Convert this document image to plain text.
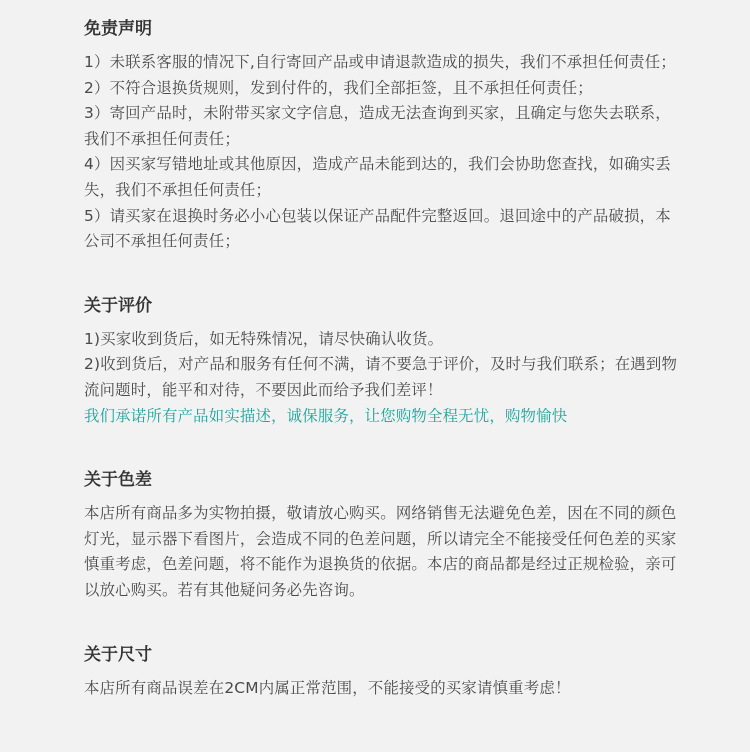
免责声明

1）未联系客服的情况下,自行寄回产品或申请退款造成的损失，我们不承担任何责任；

2）不符合退换货规则，发到付件的，我们全部拒签，且不承担任何责任；

3）寄回产品时，未附带买家文字信息，造成无法查询到买家，且确定与您失去联系，我们不承担任何责任；

4）因买家写错地址或其他原因，造成产品未能到达的，我们会协助您查找，如确实丢失，我们不承担任何责任；

5）请买家在退换时务必小心包装以保证产品配件完整返回。退回途中的产品破损，本公司不承担任何责任；

关于评价

1)买家收到货后，如无特殊情况，请尽快确认收货。

2)收到货后，对产品和服务有任何不满，请不要急于评价，及时与我们联系；在遇到物流问题时，能平和对待，不要因此而给予我们差评！

我们承诺所有产品如实描述，诚保服务，让您购物全程无忧，购物愉快

关于色差

本店所有商品多为实物拍摄，敬请放心购买。网络销售无法避免色差，因在不同的颜色灯光，显示器下看图片，会造成不同的色差问题，所以请完全不能接受任何色差的买家慎重考虑，色差问题，将不能作为退换货的依据。本店的商品都是经过正规检验，亲可以放心购买。若有其他疑问务必先咨询。

关于尺寸

本店所有商品误差在2CM内属正常范围，不能接受的买家请慎重考虑！
